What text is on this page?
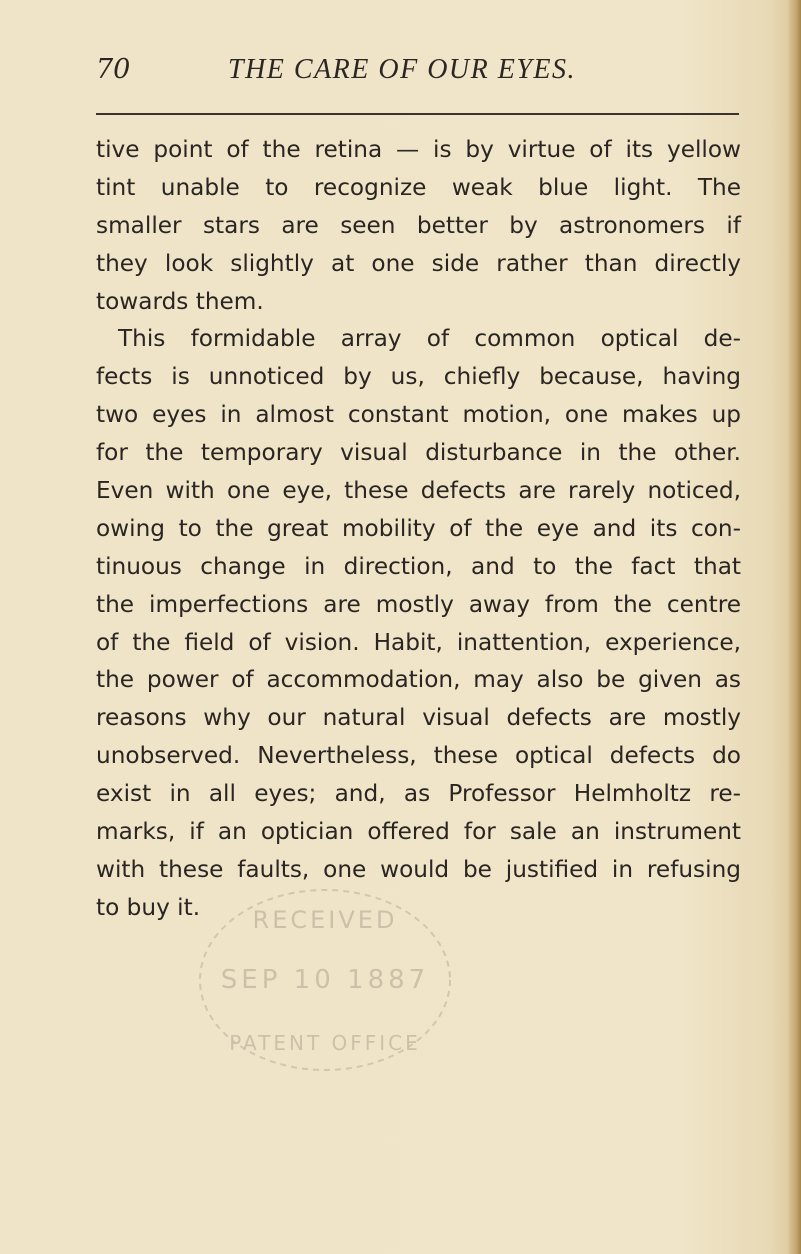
70	THE CARE OF OUR EYES.
tive point of the retina — is by virtue of its yellow
tint unable to recognize weak blue light. The
smaller stars are seen better by astronomers if
they look slightly at one side rather than directly
towards them.
This formidable array of common optical de-
fects is unnoticed by us, chiefly because, having
two eyes in almost constant motion, one makes up
for the temporary visual disturbance in the other.
Even with one eye, these defects are rarely noticed,
owing to the great mobility of the eye and its con-
tinuous change in direction, and to the fact that
the imperfections are mostly away from the centre
of the field of vision. Habit, inattention, experience,
the power of accommodation, may also be given as
reasons why our natural visual defects are mostly
unobserved. Nevertheless, these optical defects do
exist in all eyes; and, as Professor Helmholtz re-
marks, if an optician offered for sale an instrument
with these faults, one would be justified in refusing
to buy it.	RECEIVED
SEP 10 1887
PATENT OFFICE
